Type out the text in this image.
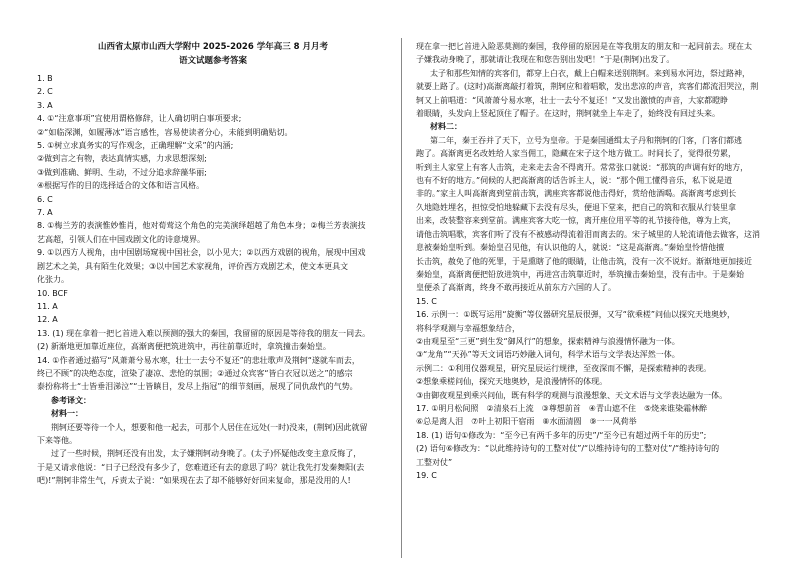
山西省太原市山西大学附中 2025-2026 学年高三 8 月月考
语文试题参考答案
1. B
2. C
3. A
4. ①“注意事项”宜使用谓格修辞，让人确切明白事项要求;
②“如临深渊，如履薄冰”语言感性，容易使读者分心，未能到明确贴切。
5. ①树立求真务实的写作观念，正确理解“文采”的内涵;
②做到言之有物，表达真情实感，力求思想深刻;
③做到准确、鲜明、生动，不过分追求辞藻华丽;
④根据写作的目的选择适合的文体和语言风格。
6. C
7. A
8. ①梅兰芳的表演惟妙惟肖，他对荀莺这个角色的完美演绎超越了角色本身；②梅兰芳表演技
艺高超，引领人们在中国戏剧文化的诗意境界。
9. ①以西方人视角，由中国剧场窥视中国社会，以小见大；②以西方戏剧的视角，展现中国戏
剧艺术之美，具有陌生化效果；③以中国艺术家视角，评价西方戏剧艺术，使文本更具文
化张力。
10. BCF
11. A
12. A
13. (1) 现在拿着一把匕首进入难以预测的强大的秦国，我留留的原因是等待我的朋友一同去。
(2) 新渐地更加靠近座位，高渐离便把筑进筑中，再往前靠近时，拿筑撞击秦始皇。
14. ①作者通过描写“风萧萧兮易水寒，壮士一去兮不复还”的悲壮歌声及荆轲“遂就车而去，
终已不顾”的决绝态度，渲染了凄凉、悲怆的氛围；②通过众宾客“皆白衣冠以送之”的感宗
泰扮称将士“士皆垂泪涕泣”“士皆瞋目，发尽上指冠”的细节刻画，展现了同仇敌忾的气势。
参考译文：
材料一：
荆轲还要等待一个人，想要和他一起去，可那个人居住在远处(一时)没来，(荆轲)因此就留
下来等他。
过了一些时候，荆轲还没有出发，太子嫌荆轲动身晚了。(太子)怀疑他改变主意反悔了，
于是又请求他说：“日子已经没有多少了，您难道还有去的意思了吗？就让我先打发秦舞阳(去
吧)!”荆轲非常生气，斥责太子说：“如果现在去了却不能够好好回来复命，那是没用的人!
现在拿一把匕首进入险恶莫测的秦国，我停留的原因是在等我朋友的朋友和一起同前去。现在太
子嫌我动身晚了，那就请让我现在和您告别出发吧！”于是(荆轲)出发了。
太子和那些知情的宾客们，都穿上白衣，戴上白帽来送别荆轲。来到易水河边，祭过路神，
就要上路了。(这时)高渐离敲打着筑，荆轲应和着唱歌，发出悲凉的声音，宾客们都流泪哭泣，荆
轲又上前唱道：“风萧萧兮易水寒，壮士一去兮不复还！”又发出激愤的声音，大家都瞪睁
着眼睛，头发向上竖起顶住了帽子。在这时，荆轲就坐上车走了，始终没有回过头来。
材料二：
第二年，秦王吞并了天下，立号为皇帝。于是秦国通缉太子丹和荆轲的门客，门客们都逃
跑了。高渐离更名改姓给人家当佣工，隐藏在宋子这个地方做工。时间长了，觉得很劳累，
听到主人家堂上有客人击筑，走来走去舍不得离开。常常张口就说：“那筑的声调有好的地方，
也有不好的地方。”伺候的人把高渐离的话告诉主人，说：“那个佣工懂得音乐，私下说是道
非的。”家主人叫高渐离到堂前击筑，满座宾客都说他击得好，赏给他酒喝。高渐离考虑到长
久地隐姓埋名，担惊受怕地躲藏下去没有尽头，便退下堂来，把自己的筑和衣服从行装里拿
出来，改装整容来到堂前。满座宾客大吃一惊，离开座位用平等的礼节接待他，尊为上宾，
请他击筑唱歌，宾客们听了没有不被感动得流着泪而离去的。宋子城里的人轮流请他去做客，这消
息被秦始皇听到。秦始皇召见他，有认识他的人，就说：“这是高渐离。”秦始皇怜惜他擅
长击筑，赦免了他的死罪，于是熏瞎了他的眼睛，让他击筑，没有一次不说好。渐渐地更加接近
秦始皇，高渐离便把铅放进筑中，再进宫击筑靠近时，举筑撞击秦始皇，没有击中。于是秦始
皇便杀了高渐离，终身不敢再接近从前东方六国的人了。
15. C
16. 示例一：①既写运用“旋衡”等仪器研究星辰很弹，又写“欲乘槎”问仙以探究天地奥妙，
将科学观测与幸福想象结合，
②由观星至“三更”到生发“御风行”的想象，探索精神与浪漫情怀融为一体。
③“龙角”“天孙”等天文词语巧妙融入词句，科学术语与文学表达浑然一体。
示例二：①利用仪器观星，研究星辰运行规律，至夜深而不懈，是探索精神的表现。
②想象乘槎问仙，探究天地奥妙，是浪漫情怀的体现。
③由御夜观星到乘兴问仙，既有科学的观测与浪漫想象、天文术语与文学表达融为一体。
17. ①明月松间照　②清泉石上流　③尊想前首　④青山遮不住　⑤烧来谁染霜林醉
⑥总是离人泪　⑦叶上初阳干宿雨　⑧水面清圆　⑨一一风荷举
18. (1) 语句①修改为：“至今已有两千多年的历史”/“至今已有超过两千年的历史”;
(2) 语句⑥修改为：“以此维持诗句的工整对仗”/“以维持诗句的工整对仗”/“维持诗句的
工整对仗”
19. C
